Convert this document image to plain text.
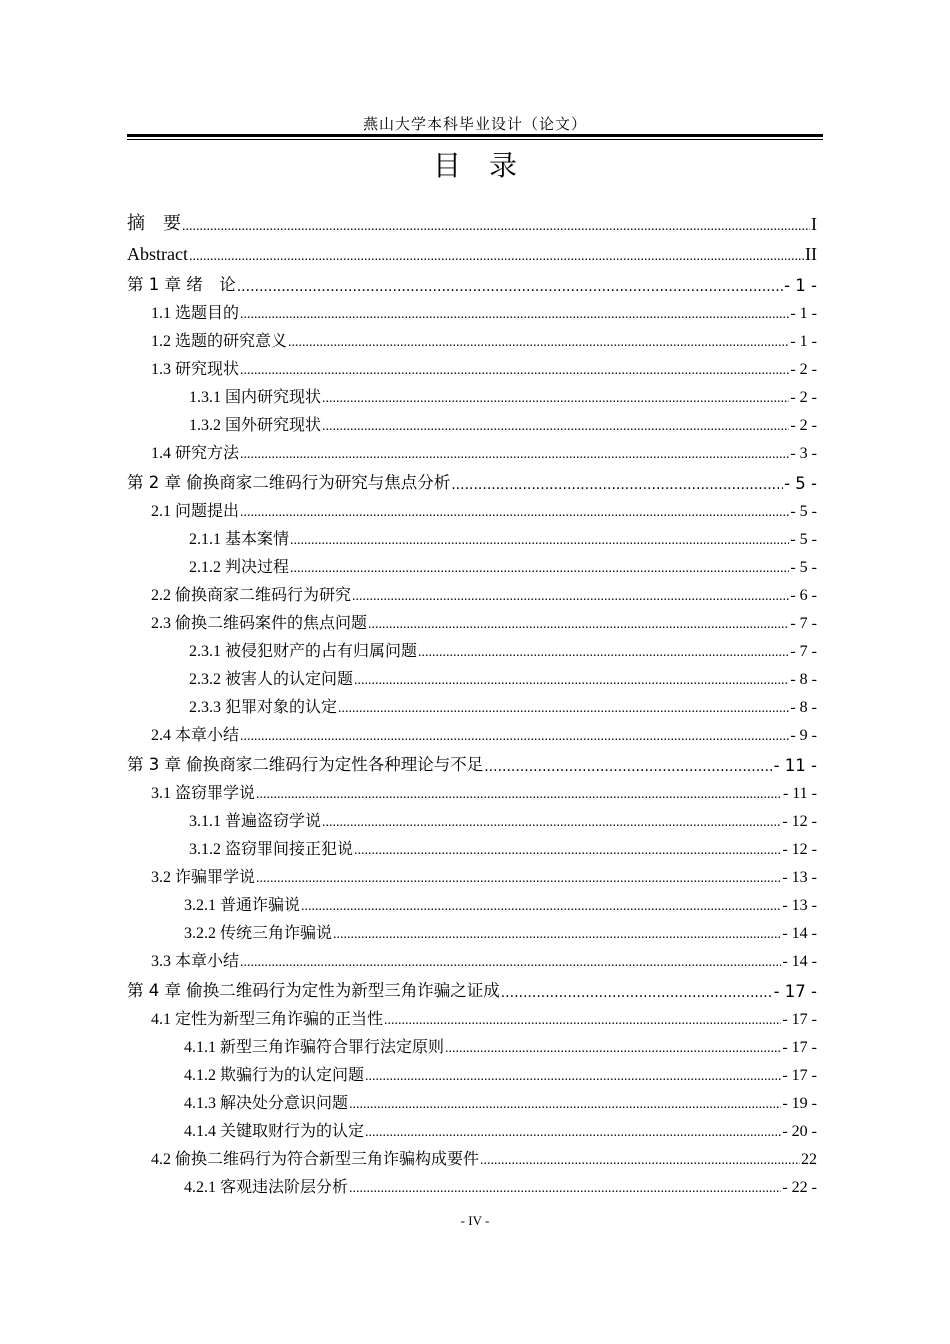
燕山大学本科毕业设计（论文）
目录
摘　要 .....	I
Abstract .....	II
第 1 章 绪　论 .....	- 1 -
1.1 选题目的 .....	- 1 -
1.2 选题的研究意义 .....	- 1 -
1.3 研究现状 .....	- 2 -
1.3.1 国内研究现状 .....	- 2 -
1.3.2 国外研究现状 .....	- 2 -
1.4 研究方法 .....	- 3 -
第 2 章 偷换商家二维码行为研究与焦点分析 .....	- 5 -
2.1 问题提出 .....	- 5 -
2.1.1 基本案情 .....	- 5 -
2.1.2 判决过程 .....	- 5 -
2.2 偷换商家二维码行为研究 .....	- 6 -
2.3 偷换二维码案件的焦点问题 .....	- 7 -
2.3.1 被侵犯财产的占有归属问题 .....	- 7 -
2.3.2 被害人的认定问题 .....	- 8 -
2.3.3 犯罪对象的认定 .....	- 8 -
2.4 本章小结 .....	- 9 -
第 3 章 偷换商家二维码行为定性各种理论与不足 .....	- 11 -
3.1 盗窃罪学说 .....	- 11 -
3.1.1 普遍盗窃学说 .....	- 12 -
3.1.2 盗窃罪间接正犯说 .....	- 12 -
3.2 诈骗罪学说 .....	- 13 -
3.2.1 普通诈骗说 .....	- 13 -
3.2.2 传统三角诈骗说 .....	- 14 -
3.3 本章小结 .....	- 14 -
第 4 章 偷换二维码行为定性为新型三角诈骗之证成 .....	- 17 -
4.1 定性为新型三角诈骗的正当性 .....	- 17 -
4.1.1 新型三角诈骗符合罪行法定原则 .....	- 17 -
4.1.2 欺骗行为的认定问题 .....	- 17 -
4.1.3 解决处分意识问题 .....	- 19 -
4.1.4 关键取财行为的认定 .....	- 20 -
4.2 偷换二维码行为符合新型三角诈骗构成要件 .....	22
4.2.1 客观违法阶层分析 .....	- 22 -
- IV -
